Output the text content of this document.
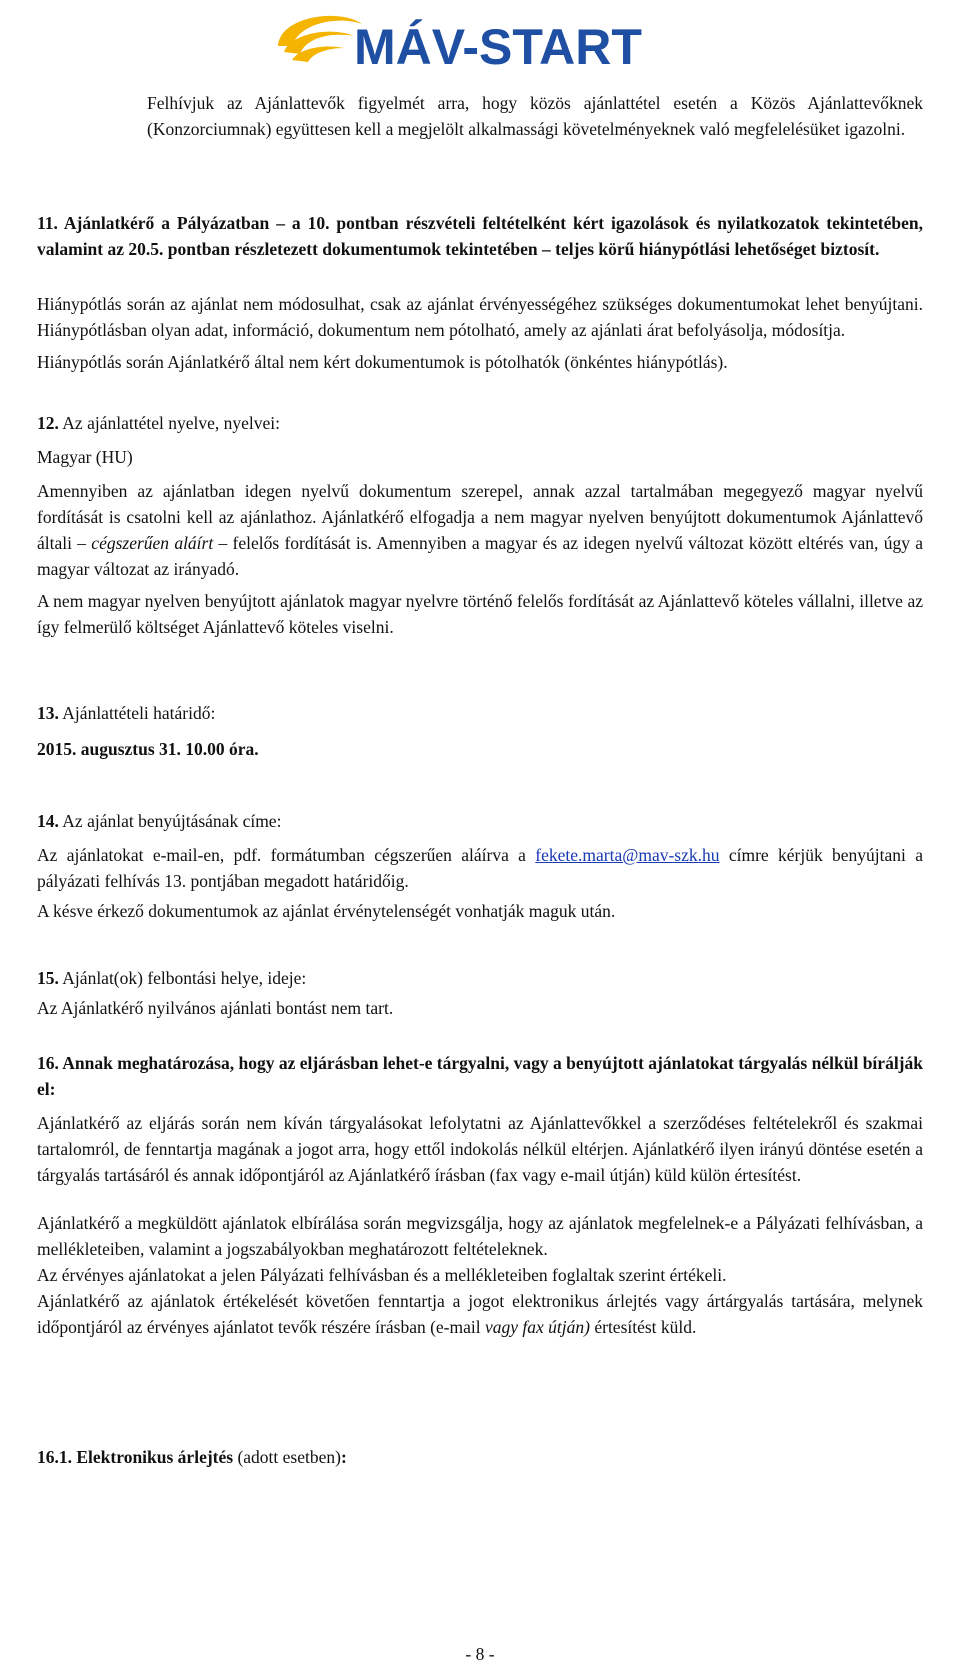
MÁV-START

Felhívjuk az Ajánlattevők figyelmét arra, hogy közös ajánlattétel esetén a Közös Ajánlattevőknek (Konzorciumnak) együttesen kell a megjelölt alkalmassági követelményeknek való megfelelésüket igazolni.

11. Ajánlatkérő a Pályázatban – a 10. pontban részvételi feltételként kért igazolások és nyilatkozatok tekintetében, valamint az 20.5. pontban részletezett dokumentumok tekintetében – teljes körű hiánypótlási lehetőséget biztosít.

Hiánypótlás során az ajánlat nem módosulhat, csak az ajánlat érvényességéhez szükséges dokumentumokat lehet benyújtani. Hiánypótlásban olyan adat, információ, dokumentum nem pótolható, amely az ajánlati árat befolyásolja, módosítja.

Hiánypótlás során Ajánlatkérő által nem kért dokumentumok is pótolhatók (önkéntes hiánypótlás).

12. Az ajánlattétel nyelve, nyelvei:

Magyar (HU)

Amennyiben az ajánlatban idegen nyelvű dokumentum szerepel, annak azzal tartalmában megegyező magyar nyelvű fordítását is csatolni kell az ajánlathoz. Ajánlatkérő elfogadja a nem magyar nyelven benyújtott dokumentumok Ajánlattevő általi – cégszerűen aláírt – felelős fordítását is. Amennyiben a magyar és az idegen nyelvű változat között eltérés van, úgy a magyar változat az irányadó.

A nem magyar nyelven benyújtott ajánlatok magyar nyelvre történő felelős fordítását az Ajánlattevő köteles vállalni, illetve az így felmerülő költséget Ajánlattevő köteles viselni.

13. Ajánlattételi határidő:

2015. augusztus 31. 10.00 óra.

14. Az ajánlat benyújtásának címe:

Az ajánlatokat e-mail-en, pdf. formátumban cégszerűen aláírva a fekete.marta@mav-szk.hu címre kérjük benyújtani a pályázati felhívás 13. pontjában megadott határidőig.

A késve érkező dokumentumok az ajánlat érvénytelenségét vonhatják maguk után.

15. Ajánlat(ok) felbontási helye, ideje:

Az Ajánlatkérő nyilvános ajánlati bontást nem tart.

16. Annak meghatározása, hogy az eljárásban lehet-e tárgyalni, vagy a benyújtott ajánlatokat tárgyalás nélkül bírálják el:

Ajánlatkérő az eljárás során nem kíván tárgyalásokat lefolytatni az Ajánlattevőkkel a szerződéses feltételekről és szakmai tartalomról, de fenntartja magának a jogot arra, hogy ettől indokolás nélkül eltérjen. Ajánlatkérő ilyen irányú döntése esetén a tárgyalás tartásáról és annak időpontjáról az Ajánlatkérő írásban (fax vagy e-mail útján) küld külön értesítést.

Ajánlatkérő a megküldött ajánlatok elbírálása során megvizsgálja, hogy az ajánlatok megfelelnek-e a Pályázati felhívásban, a mellékleteiben, valamint a jogszabályokban meghatározott feltételeknek.

Az érvényes ajánlatokat a jelen Pályázati felhívásban és a mellékleteiben foglaltak szerint értékeli.

Ajánlatkérő az ajánlatok értékelését követően fenntartja a jogot elektronikus árlejtés vagy ártárgyalás tartására, melynek időpontjáról az érvényes ajánlatot tevők részére írásban (e-mail vagy fax útján) értesítést küld.

16.1. Elektronikus árlejtés (adott esetben):

- 8 -
